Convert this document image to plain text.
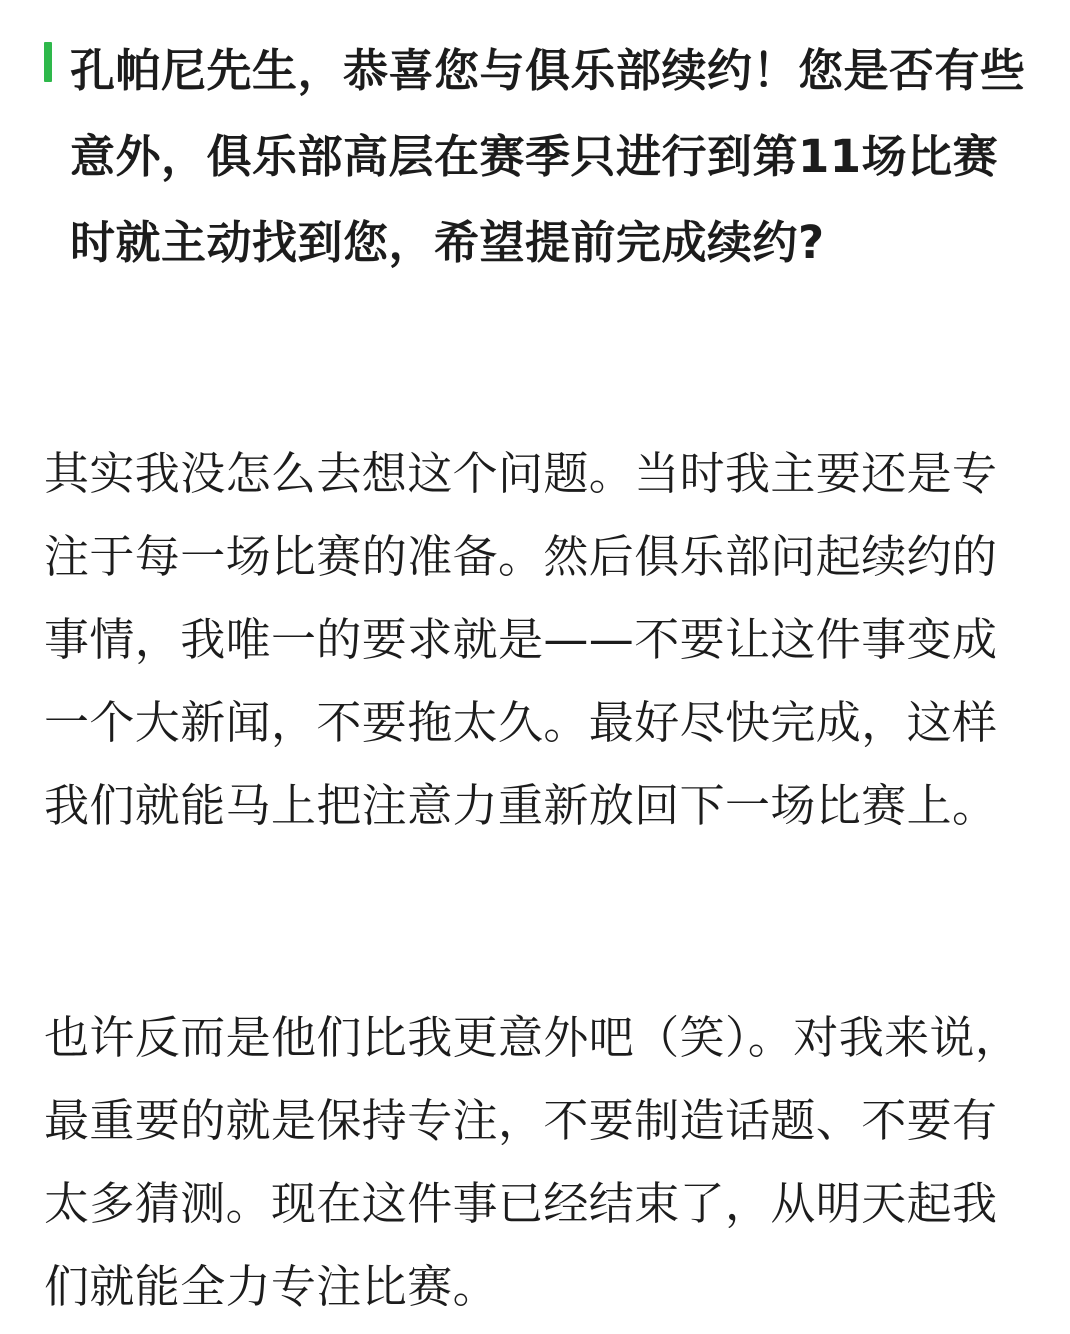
孔帕尼先生，恭喜您与俱乐部续约！您是否有些意外，俱乐部高层在赛季只进行到第11场比赛时就主动找到您，希望提前完成续约?

其实我没怎么去想这个问题。当时我主要还是专注于每一场比赛的准备。然后俱乐部问起续约的事情，我唯一的要求就是——不要让这件事变成一个大新闻，不要拖太久。最好尽快完成，这样我们就能马上把注意力重新放回下一场比赛上。

也许反而是他们比我更意外吧（笑）。对我来说，最重要的就是保持专注，不要制造话题、不要有太多猜测。现在这件事已经结束了，从明天起我们就能全力专注比赛。
